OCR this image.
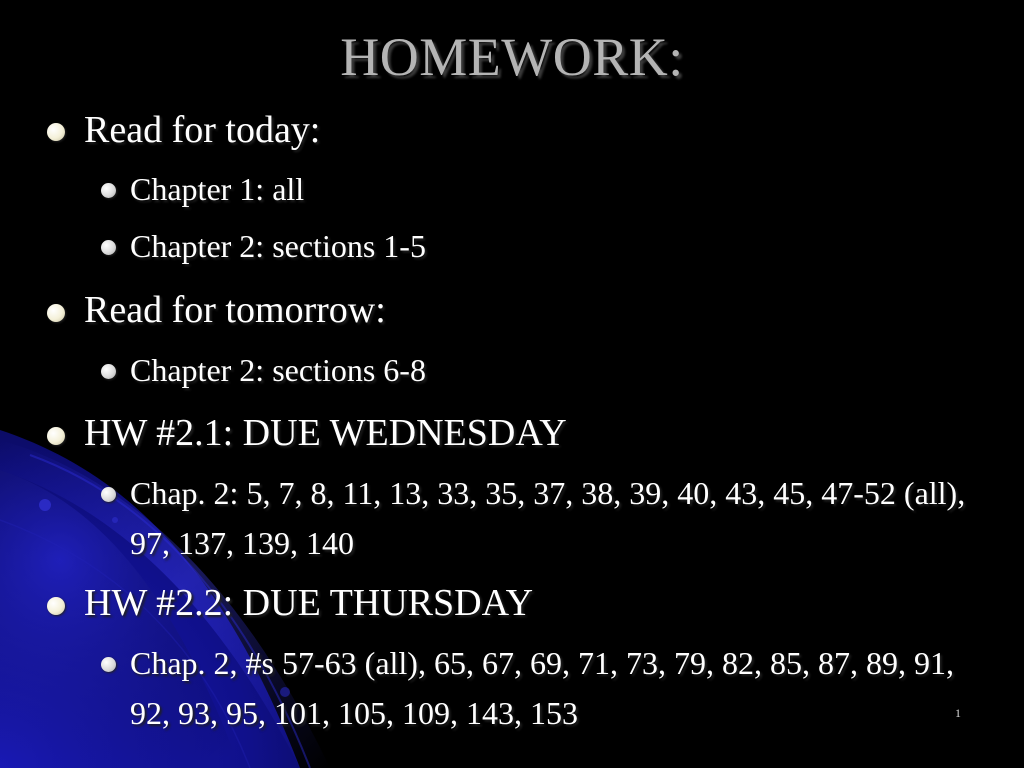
HOMEWORK:
Read for today:
Chapter 1: all
Chapter 2: sections 1-5
Read for tomorrow:
Chapter 2: sections 6-8
HW #2.1: DUE WEDNESDAY
Chap. 2: 5, 7, 8, 11, 13, 33, 35, 37, 38, 39, 40, 43, 45, 47-52 (all), 97, 137, 139, 140
HW #2.2: DUE THURSDAY
Chap. 2, #s 57-63 (all), 65, 67, 69, 71, 73, 79, 82, 85, 87, 89, 91, 92, 93, 95, 101, 105, 109, 143, 153	1
